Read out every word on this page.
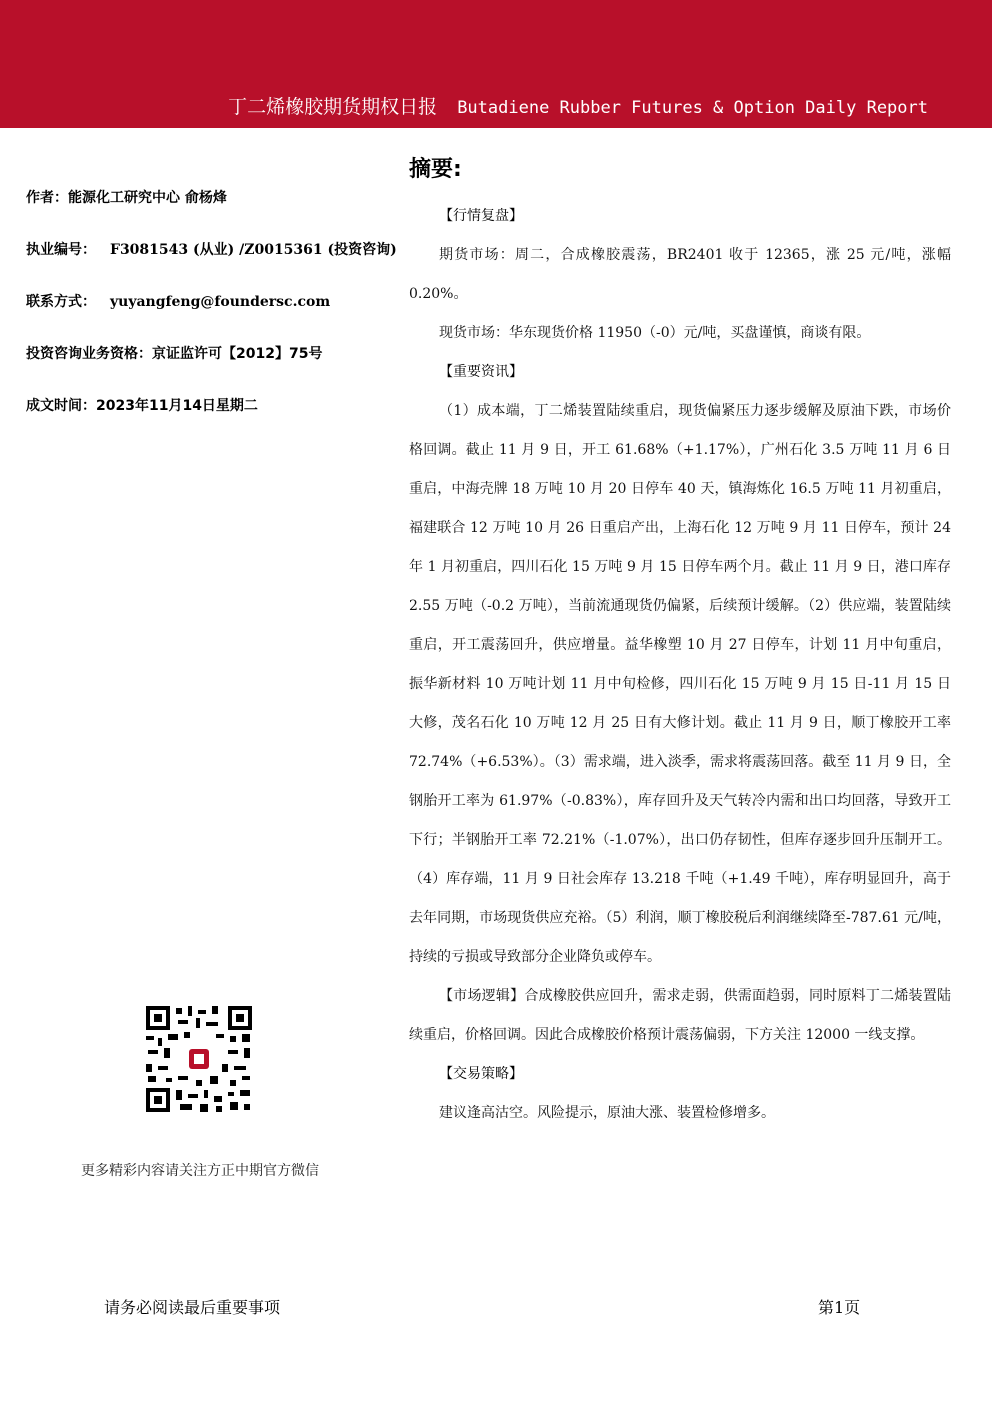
丁二烯橡胶期货期权日报 Butadiene Rubber Futures & Option Daily Report
作者：能源化工研究中心 俞杨烽
执业编号： F3081543 (从业) /Z0015361 (投资咨询)
联系方式： yuyangfeng@foundersc.com
投资咨询业务资格：京证监许可【2012】75号
成文时间：2023年11月14日星期二
更多精彩内容请关注方正中期官方微信
摘要:

【行情复盘】

期货市场：周二，合成橡胶震荡，BR2401 收于 12365，涨 25 元/吨，涨幅 0.20%。

现货市场：华东现货价格 11950（-0）元/吨，买盘谨慎，商谈有限。

【重要资讯】

（1）成本端，丁二烯装置陆续重启，现货偏紧压力逐步缓解及原油下跌，市场价格回调。截止 11 月 9 日，开工 61.68%（+1.17%），广州石化 3.5 万吨 11 月 6 日重启，中海壳牌 18 万吨 10 月 20 日停车 40 天，镇海炼化 16.5 万吨 11 月初重启，福建联合 12 万吨 10 月 26 日重启产出，上海石化 12 万吨 9 月 11 日停车，预计 24 年 1 月初重启，四川石化 15 万吨 9 月 15 日停车两个月。截止 11 月 9 日，港口库存 2.55 万吨（-0.2 万吨），当前流通现货仍偏紧，后续预计缓解。（2）供应端，装置陆续重启，开工震荡回升，供应增量。益华橡塑 10 月 27 日停车，计划 11 月中旬重启，振华新材料 10 万吨计划 11 月中旬检修，四川石化 15 万吨 9 月 15 日-11 月 15 日大修，茂名石化 10 万吨 12 月 25 日有大修计划。截止 11 月 9 日，顺丁橡胶开工率 72.74%（+6.53%）。（3）需求端，进入淡季，需求将震荡回落。截至 11 月 9 日，全钢胎开工率为 61.97%（-0.83%），库存回升及天气转冷内需和出口均回落，导致开工下行；半钢胎开工率 72.21%（-1.07%），出口仍存韧性，但库存逐步回升压制开工。（4）库存端，11 月 9 日社会库存 13.218 千吨（+1.49 千吨），库存明显回升，高于去年同期，市场现货供应充裕。（5）利润，顺丁橡胶税后利润继续降至-787.61 元/吨，持续的亏损或导致部分企业降负或停车。

【市场逻辑】合成橡胶供应回升，需求走弱，供需面趋弱，同时原料丁二烯装置陆续重启，价格回调。因此合成橡胶价格预计震荡偏弱，下方关注 12000 一线支撑。

【交易策略】

建议逢高沽空。风险提示，原油大涨、装置检修增多。

请务必阅读最后重要事项	第1页
